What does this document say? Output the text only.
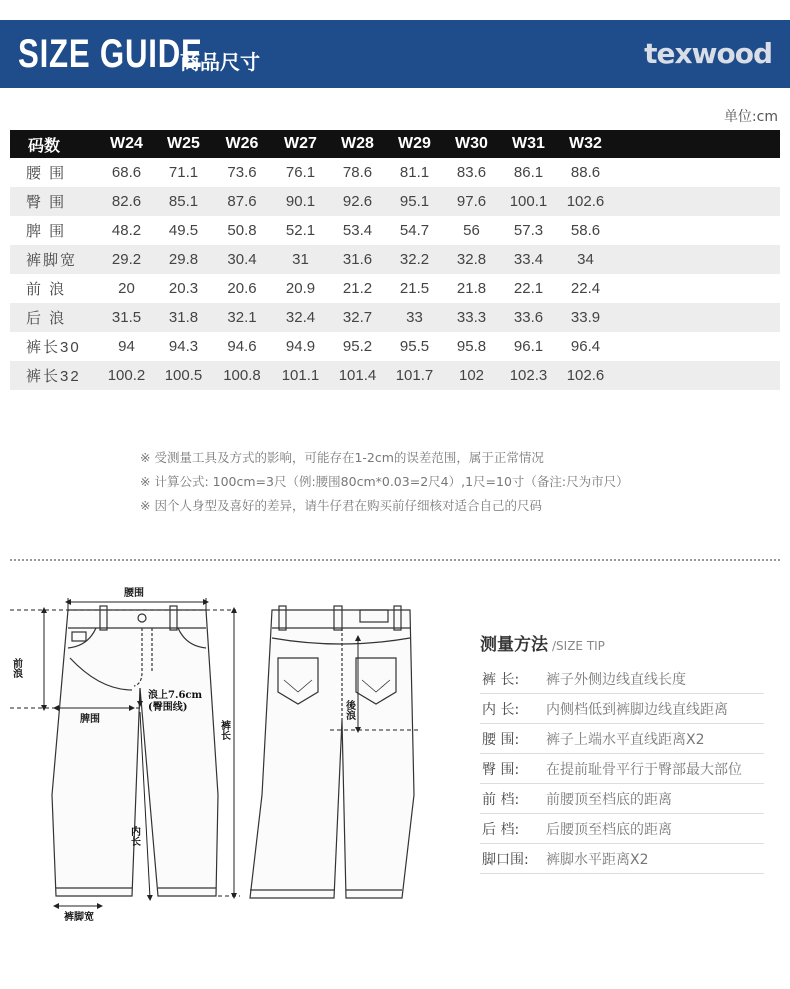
SIZE GUIDE
商品尺寸	texwood
单位:cm
码数	W24	W25	W26	W27	W28	W29	W30	W31	W32	
腰 围	68.6	71.1	73.6	76.1	78.6	81.1	83.6	86.1	88.6	
臀 围	82.6	85.1	87.6	90.1	92.6	95.1	97.6	100.1	102.6	
脾 围	48.2	49.5	50.8	52.1	53.4	54.7	56	57.3	58.6	
裤脚宽	29.2	29.8	30.4	31	31.6	32.2	32.8	33.4	34	
前 浪	20	20.3	20.6	20.9	21.2	21.5	21.8	22.1	22.4	
后 浪	31.5	31.8	32.1	32.4	32.7	33	33.3	33.6	33.9	
裤长30	94	94.3	94.6	94.9	95.2	95.5	95.8	96.1	96.4	
裤长32	100.2	100.5	100.8	101.1	101.4	101.7	102	102.3	102.6	
※ 受测量工具及方式的影响，可能存在1-2cm的误差范围，属于正常情况
※ 计算公式: 100cm=3尺（例:腰围80cm*0.03=2尺4）,1尺=10寸（备注:尺为市尺）
※ 因个人身型及喜好的差异，请牛仔君在购买前仔细核对适合自己的尺码
腰围
前浪
脾围
浪上7.6cm
(臀围线)
内长
裤长
後浪
裤脚宽
测量方法 /SIZE TIP
裤 长:	裤子外侧边线直线长度
内 长:	内侧档低到裤脚边线直线距离
腰 围:	裤子上端水平直线距离X2
臀 围:	在提前耻骨平行于臀部最大部位
前 档:	前腰顶至档底的距离
后 档:	后腰顶至档底的距离
脚口围:	裤脚水平距离X2
